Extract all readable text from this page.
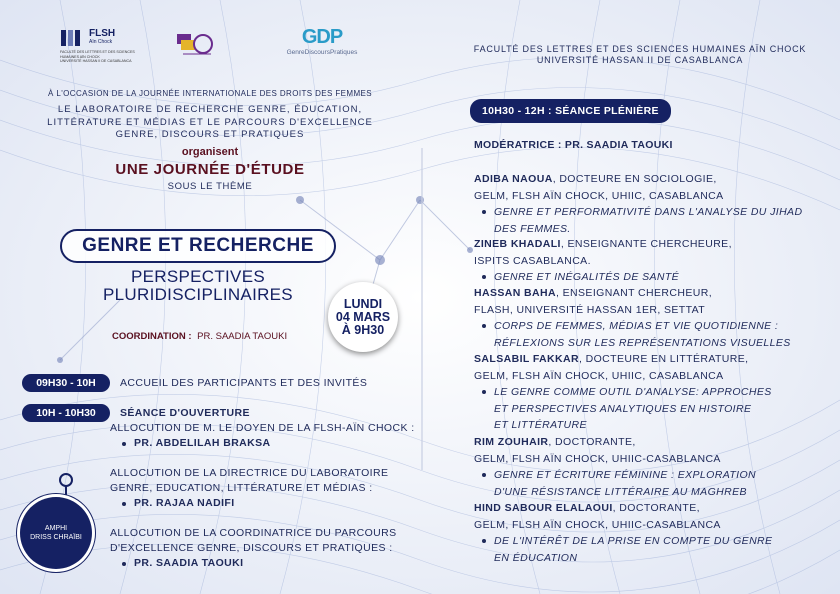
FLSH
Aïn Chock
FACULTÉ DES LETTRES ET DES SCIENCES
HUMAINES AÏN CHOCK
UNIVERSITÉ HASSAN II DE CASABLANCA
GDP
GenreDiscoursPratiques	FACULTÉ DES LETTRES ET DES SCIENCES HUMAINES AÏN CHOCK
UNIVERSITÉ HASSAN II DE CASABLANCA
À L'OCCASION DE LA JOURNÉE INTERNATIONALE DES DROITS DES FEMMES
LE LABORATOIRE DE RECHERCHE GENRE, ÉDUCATION,
LITTÉRATURE ET MÉDIAS ET LE PARCOURS D'EXCELLENCE
GENRE, DISCOURS ET PRATIQUES
organisent
UNE JOURNÉE D'ÉTUDE
SOUS LE THÈME
GENRE ET RECHERCHE
PERSPECTIVES
PLURIDISCIPLINAIRES
COORDINATION : PR. SAADIA TAOUKI
LUNDI
04 MARS
À 9H30
09H30 - 10H	ACCUEIL DES PARTICIPANTS ET DES INVITÉS
10H - 10H30	SÉANCE D'OUVERTURE
ALLOCUTION DE M. LE DOYEN DE LA FLSH-AÏN CHOCK :
PR. ABDELILAH BRAKSA
ALLOCUTION DE LA DIRECTRICE DU LABORATOIRE
GENRE, EDUCATION, LITTÉRATURE ET MÉDIAS :
PR. RAJAA NADIFI
ALLOCUTION DE LA COORDINATRICE DU PARCOURS
D'EXCELLENCE GENRE, DISCOURS ET PRATIQUES :
PR. SAADIA TAOUKI
AMPHI
DRISS CHRAÏBI
10H30 - 12H : SÉANCE PLÉNIÈRE
MODÉRATRICE : PR. SAADIA TAOUKI
ADIBA NAOUA, DOCTEURE EN SOCIOLOGIE,
GELM, FLSH AÏN CHOCK, UHIIC, CASABLANCA
GENRE ET PERFORMATIVITÉ DANS L'ANALYSE DU JIHAD
DES FEMMES.
ZINEB KHADALI, ENSEIGNANTE CHERCHEURE,
ISPITS CASABLANCA.
GENRE ET INÉGALITÉS DE SANTÉ
HASSAN BAHA, ENSEIGNANT CHERCHEUR,
FLASH, UNIVERSITÉ HASSAN 1ER, SETTAT
CORPS DE FEMMES, MÉDIAS ET VIE QUOTIDIENNE :
RÉFLEXIONS SUR LES REPRÉSENTATIONS VISUELLES
SALSABIL FAKKAR, DOCTEURE EN LITTÉRATURE,
GELM, FLSH AÏN CHOCK, UHIIC, CASABLANCA
LE GENRE COMME OUTIL D'ANALYSE: APPROCHES
ET PERSPECTIVES ANALYTIQUES EN HISTOIRE
ET LITTÉRATURE
RIM ZOUHAIR, DOCTORANTE,
GELM, FLSH AÏN CHOCK, UHIIC-CASABLANCA
GENRE ET ÉCRITURE FÉMININE : EXPLORATION
D'UNE RÉSISTANCE LITTÉRAIRE AU MAGHREB
HIND SABOUR ELALAOUI, DOCTORANTE,
GELM, FLSH AÏN CHOCK, UHIIC-CASABLANCA
DE L'INTÉRÊT DE LA PRISE EN COMPTE DU GENRE
EN ÉDUCATION
